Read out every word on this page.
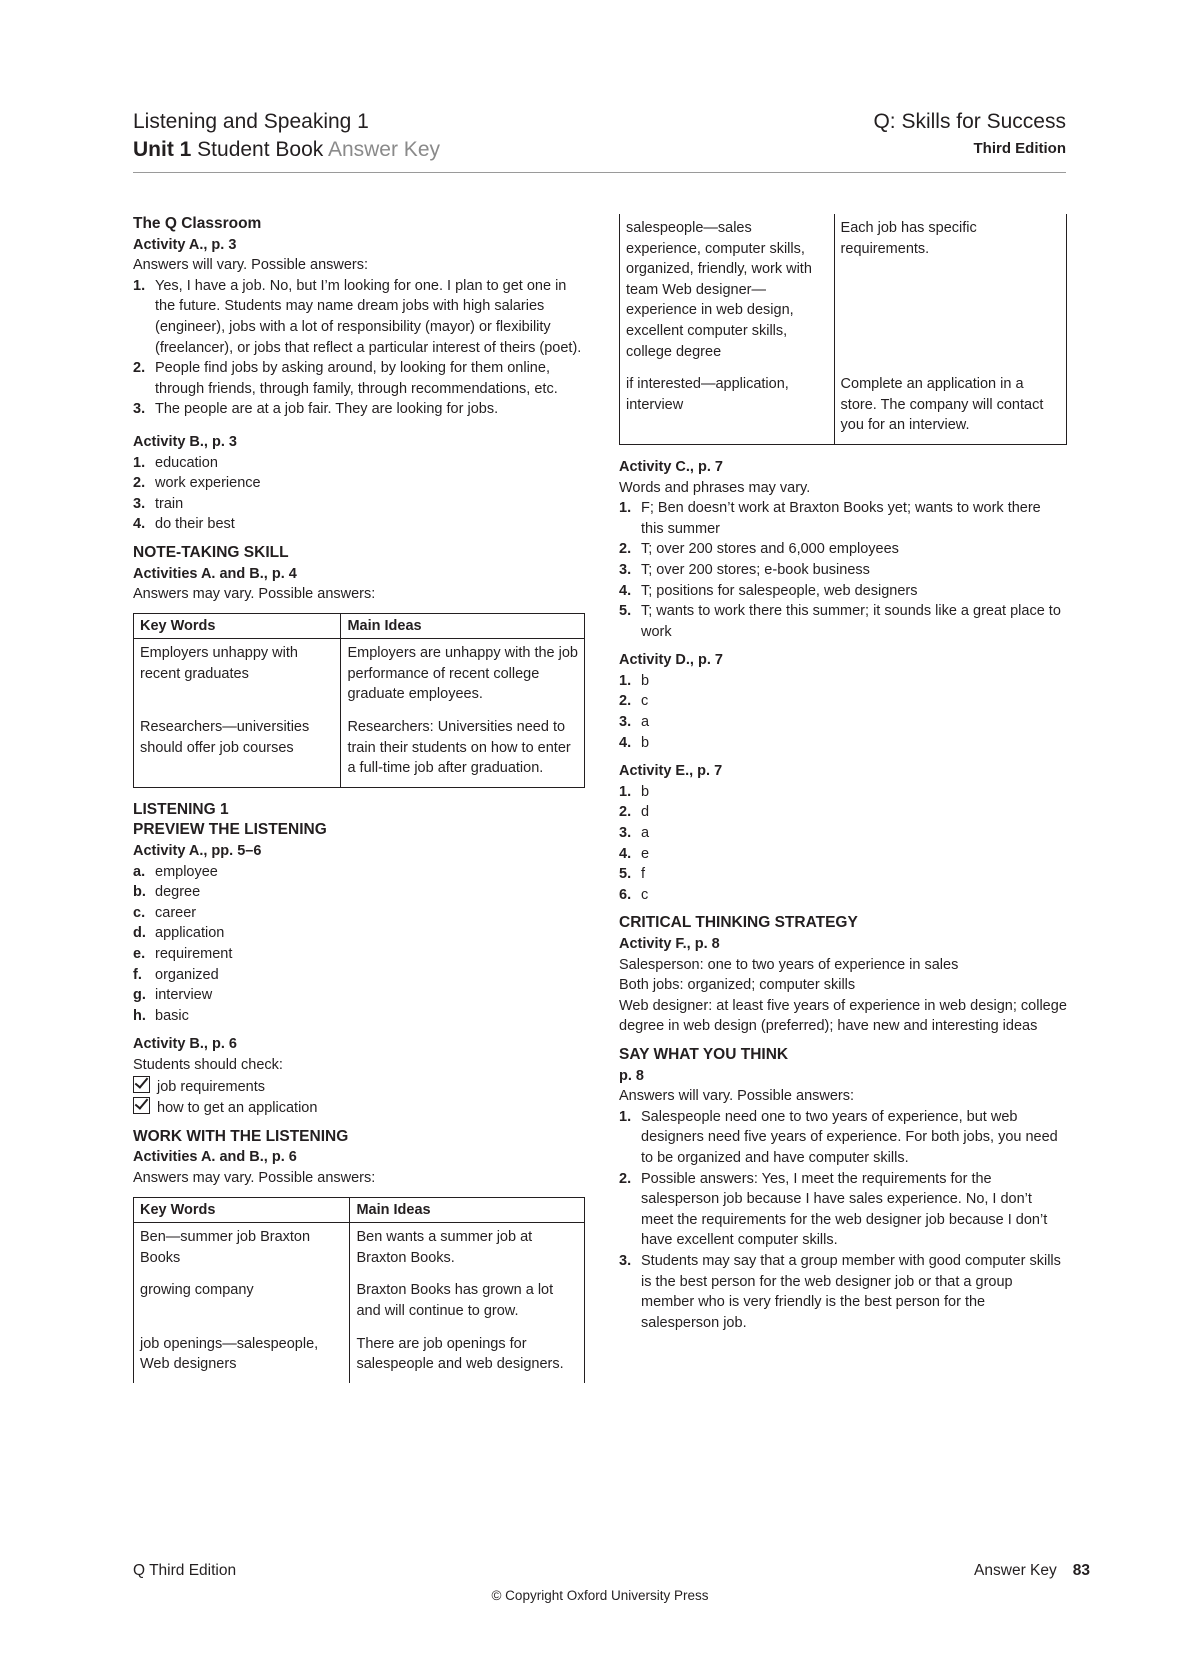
Listening and Speaking 1
Unit 1 Student Book Answer Key
Q: Skills for Success
Third Edition
The Q Classroom
Activity A., p. 3
Answers will vary. Possible answers:
1. Yes, I have a job. No, but I’m looking for one. I plan to get one in the future. Students may name dream jobs with high salaries (engineer), jobs with a lot of responsibility (mayor) or flexibility (freelancer), or jobs that reflect a particular interest of theirs (poet).
2. People find jobs by asking around, by looking for them online, through friends, through family, through recommendations, etc.
3. The people are at a job fair. They are looking for jobs.
Activity B., p. 3
1. education
2. work experience
3. train
4. do their best
NOTE-TAKING SKILL
Activities A. and B., p. 4
Answers may vary. Possible answers:
Key Words	Main Ideas
Employers unhappy with recent graduates	Employers are unhappy with the job performance of recent college graduate employees.
Researchers—universities should offer job courses	Researchers: Universities need to train their students on how to enter a full-time job after graduation.
LISTENING 1
PREVIEW THE LISTENING
Activity A., pp. 5–6
a. employee
b. degree
c. career
d. application
e. requirement
f. organized
g. interview
h. basic
Activity B., p. 6
Students should check:
job requirements
how to get an application
WORK WITH THE LISTENING
Activities A. and B., p. 6
Answers may vary. Possible answers:
Key Words	Main Ideas
Ben—summer job Braxton Books	Ben wants a summer job at Braxton Books.
growing company	Braxton Books has grown a lot and will continue to grow.
job openings—salespeople, Web designers	There are job openings for salespeople and web designers.
salespeople—sales experience, computer skills, organized, friendly, work with team Web designer—experience in web design, excellent computer skills, college degree	Each job has specific requirements.
if interested—application, interview	Complete an application in a store. The company will contact you for an interview.
Activity C., p. 7
Words and phrases may vary.
1. F; Ben doesn’t work at Braxton Books yet; wants to work there this summer
2. T; over 200 stores and 6,000 employees
3. T; over 200 stores; e-book business
4. T; positions for salespeople, web designers
5. T; wants to work there this summer; it sounds like a great place to work
Activity D., p. 7
1. b
2. c
3. a
4. b
Activity E., p. 7
1. b
2. d
3. a
4. e
5. f
6. c
CRITICAL THINKING STRATEGY
Activity F., p. 8
Salesperson: one to two years of experience in sales
Both jobs: organized; computer skills
Web designer: at least five years of experience in web design; college degree in web design (preferred); have new and interesting ideas
SAY WHAT YOU THINK
p. 8
Answers will vary. Possible answers:
1. Salespeople need one to two years of experience, but web designers need five years of experience. For both jobs, you need to be organized and have computer skills.
2. Possible answers: Yes, I meet the requirements for the salesperson job because I have sales experience. No, I don’t meet the requirements for the web designer job because I don’t have excellent computer skills.
3. Students may say that a group member with good computer skills is the best person for the web designer job or that a group member who is very friendly is the best person for the salesperson job.
Q Third Edition	Answer Key 83
© Copyright Oxford University Press
